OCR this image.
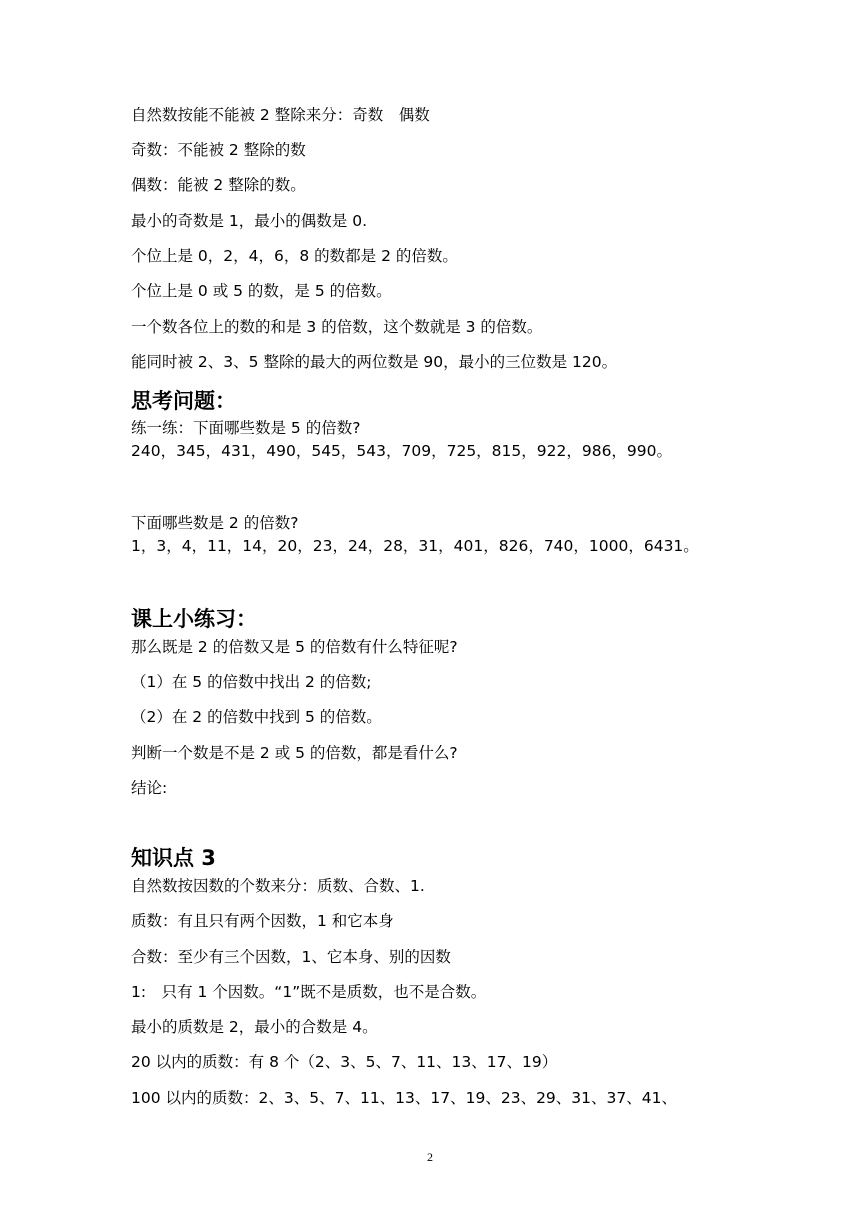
自然数按能不能被 2 整除来分：奇数　偶数
奇数：不能被 2 整除的数
偶数：能被 2 整除的数。
最小的奇数是 1，最小的偶数是 0.
个位上是 0，2，4，6，8 的数都是 2 的倍数。
个位上是 0 或 5 的数，是 5 的倍数。
一个数各位上的数的和是 3 的倍数，这个数就是 3 的倍数。
能同时被 2、3、5 整除的最大的两位数是 90，最小的三位数是 120。
思考问题：
练一练：下面哪些数是 5 的倍数?
240，345，431，490，545，543，709，725，815，922，986，990。
下面哪些数是 2 的倍数?
1，3，4，11，14，20，23，24，28，31，401，826，740，1000，6431。
课上小练习：
那么既是 2 的倍数又是 5 的倍数有什么特征呢?
（1）在 5 的倍数中找出 2 的倍数;
（2）在 2 的倍数中找到 5 的倍数。
判断一个数是不是 2 或 5 的倍数，都是看什么?
结论:
知识点 3
自然数按因数的个数来分：质数、合数、1.
质数：有且只有两个因数，1 和它本身
合数：至少有三个因数，1、它本身、别的因数
1:　只有 1 个因数。“1”既不是质数，也不是合数。
最小的质数是 2，最小的合数是 4。
20 以内的质数：有 8 个（2、3、5、7、11、13、17、19）
100 以内的质数：2、3、5、7、11、13、17、19、23、29、31、37、41、
2
